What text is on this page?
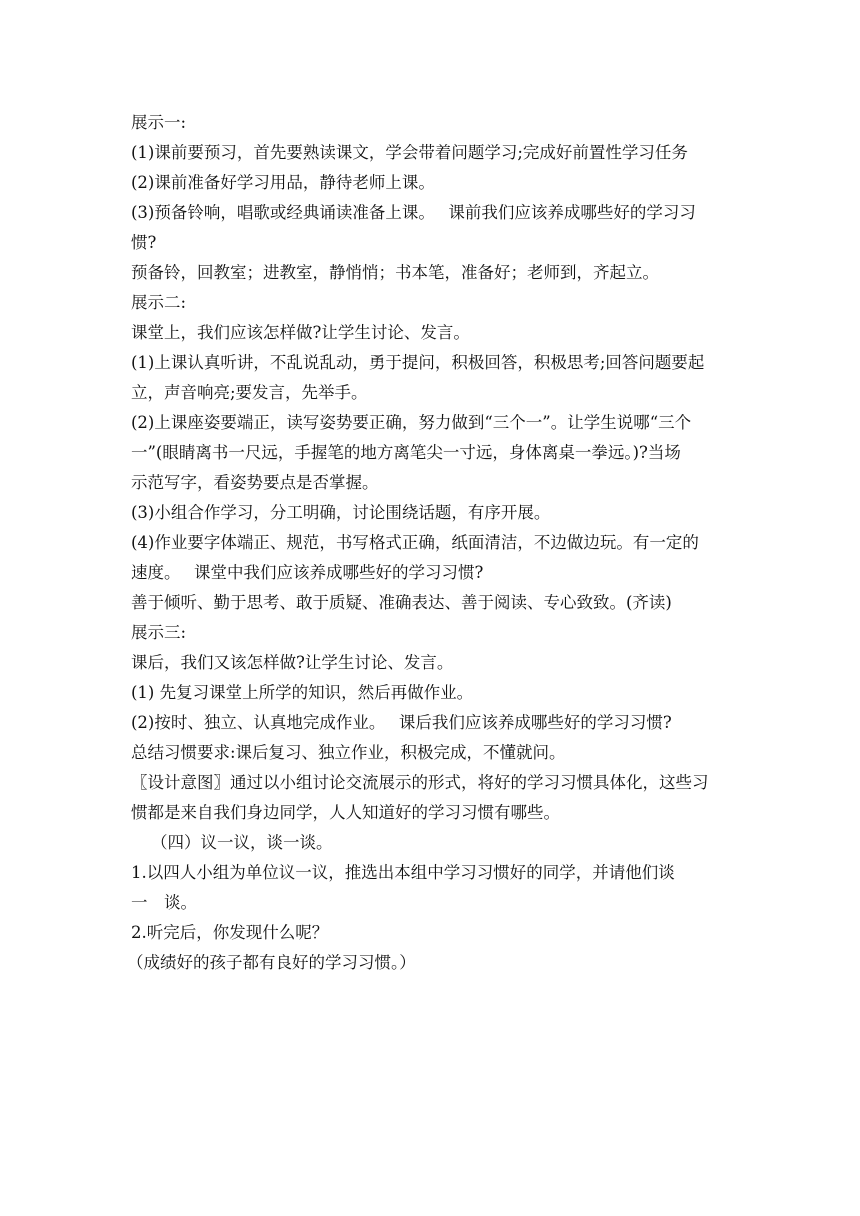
展示一:
(1)课前要预习，首先要熟读课文，学会带着问题学习;完成好前置性学习任务
(2)课前准备好学习用品，静待老师上课。
(3)预备铃响，唱歌或经典诵读准备上课。　 课前我们应该养成哪些好的学习习
惯?
预备铃，回教室；进教室，静悄悄；书本笔，准备好；老师到，齐起立。
展示二:
课堂上，我们应该怎样做?让学生讨论、发言。
(1)上课认真听讲，不乱说乱动，勇于提问，积极回答，积极思考;回答问题要起
立，声音响亮;要发言，先举手。
(2)上课座姿要端正，读写姿势要正确，努力做到“三个一”。让学生说哪“三个
一”(眼睛离书一尺远，手握笔的地方离笔尖一寸远，身体离桌一拳远。)?当场
示范写字，看姿势要点是否掌握。
(3)小组合作学习，分工明确，讨论围绕话题，有序开展。
(4)作业要字体端正、规范，书写格式正确，纸面清洁，不边做边玩。有一定的
速度。　 课堂中我们应该养成哪些好的学习习惯?
善于倾听、勤于思考、敢于质疑、准确表达、善于阅读、专心致致。(齐读)
展示三:
课后，我们又该怎样做?让学生讨论、发言。
(1) 先复习课堂上所学的知识，然后再做作业。
(2)按时、独立、认真地完成作业。　 课后我们应该养成哪些好的学习习惯?
总结习惯要求:课后复习、独立作业，积极完成，不懂就问。
〖设计意图〗通过以小组讨论交流展示的形式，将好的学习习惯具体化，这些习
惯都是来自我们身边同学，人人知道好的学习习惯有哪些。
（四）议一议，谈一谈。
1.以四人小组为单位议一议，推选出本组中学习习惯好的同学，并请他们谈
一　谈。
2.听完后，你发现什么呢？
（成绩好的孩子都有良好的学习习惯。）
